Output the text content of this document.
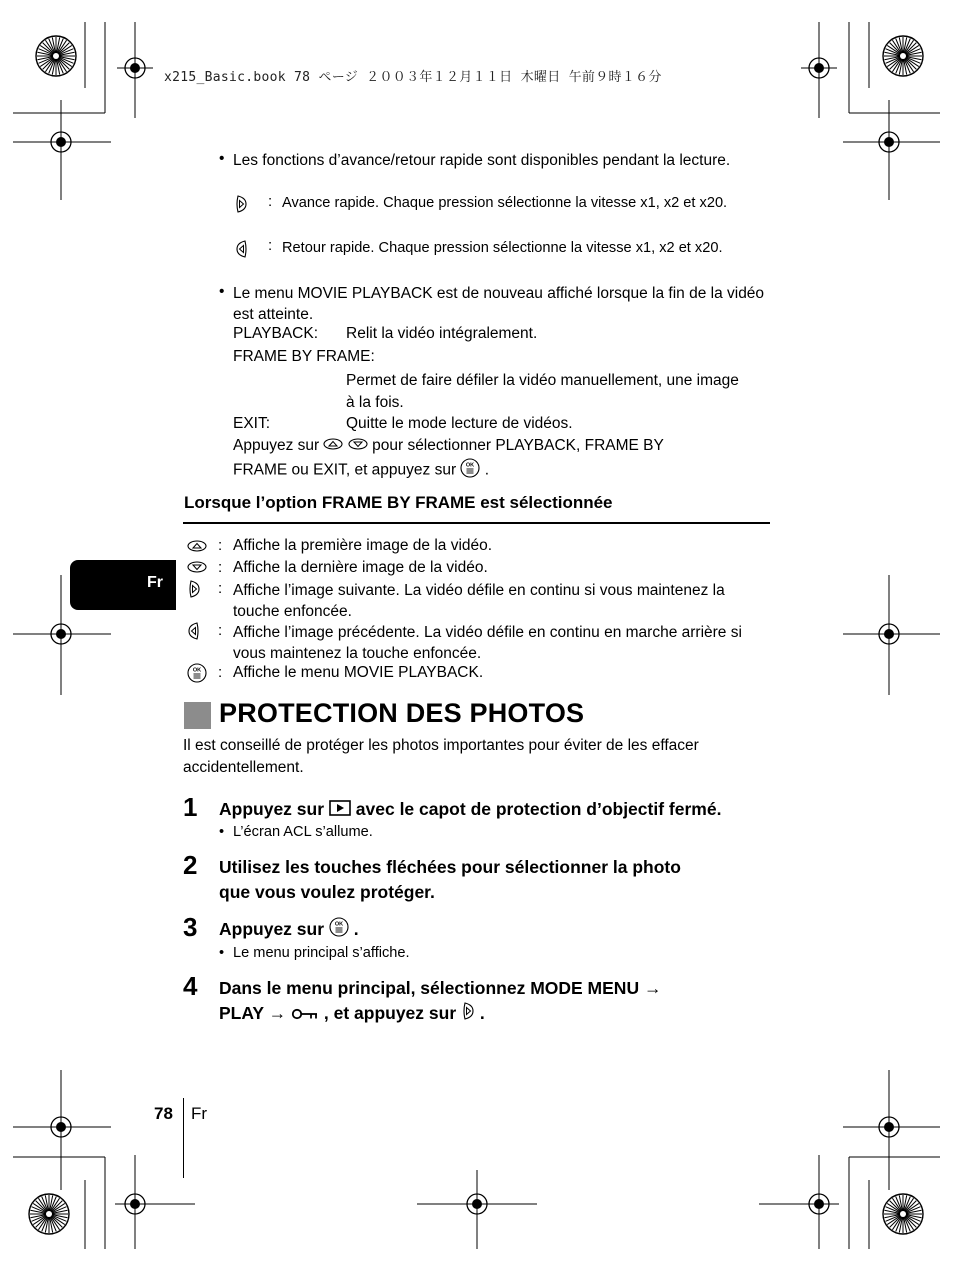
x215_Basic.book 78 ページ ２００３年１２月１１日 木曜日 午前９時１６分
• Les fonctions d’avance/retour rapide sont disponibles pendant la lecture.
: Avance rapide. Chaque pression sélectionne la vitesse x1, x2 et x20.
: Retour rapide. Chaque pression sélectionne la vitesse x1, x2 et x20.
• Le menu MOVIE PLAYBACK est de nouveau affiché lorsque la fin de la vidéo est atteinte.
PLAYBACK: Relit la vidéo intégralement.
FRAME BY FRAME:
Permet de faire défiler la vidéo manuellement, une image à la fois.
EXIT:	Quitte le mode lecture de vidéos.
Appuyez sur	pour sélectionner PLAYBACK, FRAME BY
FRAME ou EXIT, et appuyez sur OK .
Lorsque l’option FRAME BY FRAME est sélectionnée
: Affiche la première image de la vidéo.
: Affiche la dernière image de la vidéo.
: Affiche l’image suivante. La vidéo défile en continu si vous maintenez la touche enfoncée.
: Affiche l’image précédente. La vidéo défile en continu en marche arrière si vous maintenez la touche enfoncée.
OK : Affiche le menu MOVIE PLAYBACK.
Fr
PROTECTION DES PHOTOS
Il est conseillé de protéger les photos importantes pour éviter de les effacer accidentellement.
1 Appuyez sur avec le capot de protection d’objectif fermé.
• L’écran ACL s’allume.
2 Utilisez les touches fléchées pour sélectionner la photo
que vous voulez protéger.
3 Appuyez sur OK .
• Le menu principal s’affiche.
4 Dans le menu principal, sélectionnez MODE MENU →
PLAY → , et appuyez sur .
78 Fr
